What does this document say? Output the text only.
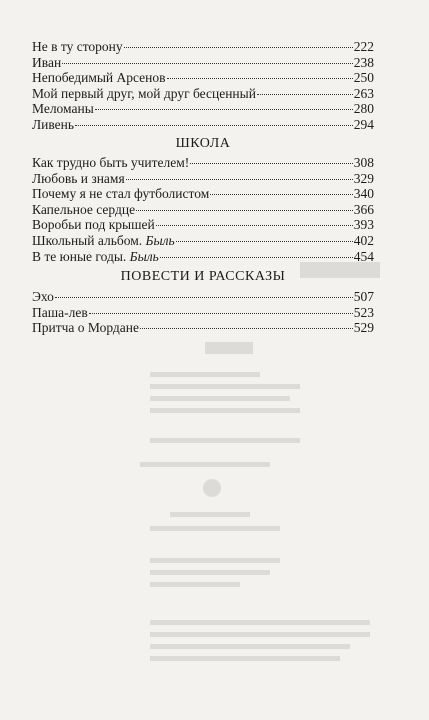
Не в ту сторону	222
Иван	238
Непобедимый Арсенов	250
Мой первый друг, мой друг бесценный	263
Меломаны	280
Ливень	294
ШКОЛА
Как трудно быть учителем!	308
Любовь и знамя	329
Почему я не стал футболистом	340
Капельное сердце	366
Воробьи под крышей	393
Школьный альбом. Быль	402
В те юные годы. Быль	454
ПОВЕСТИ И РАССКАЗЫ
Эхо	507
Паша-лев	523
Притча о Мордане	529
